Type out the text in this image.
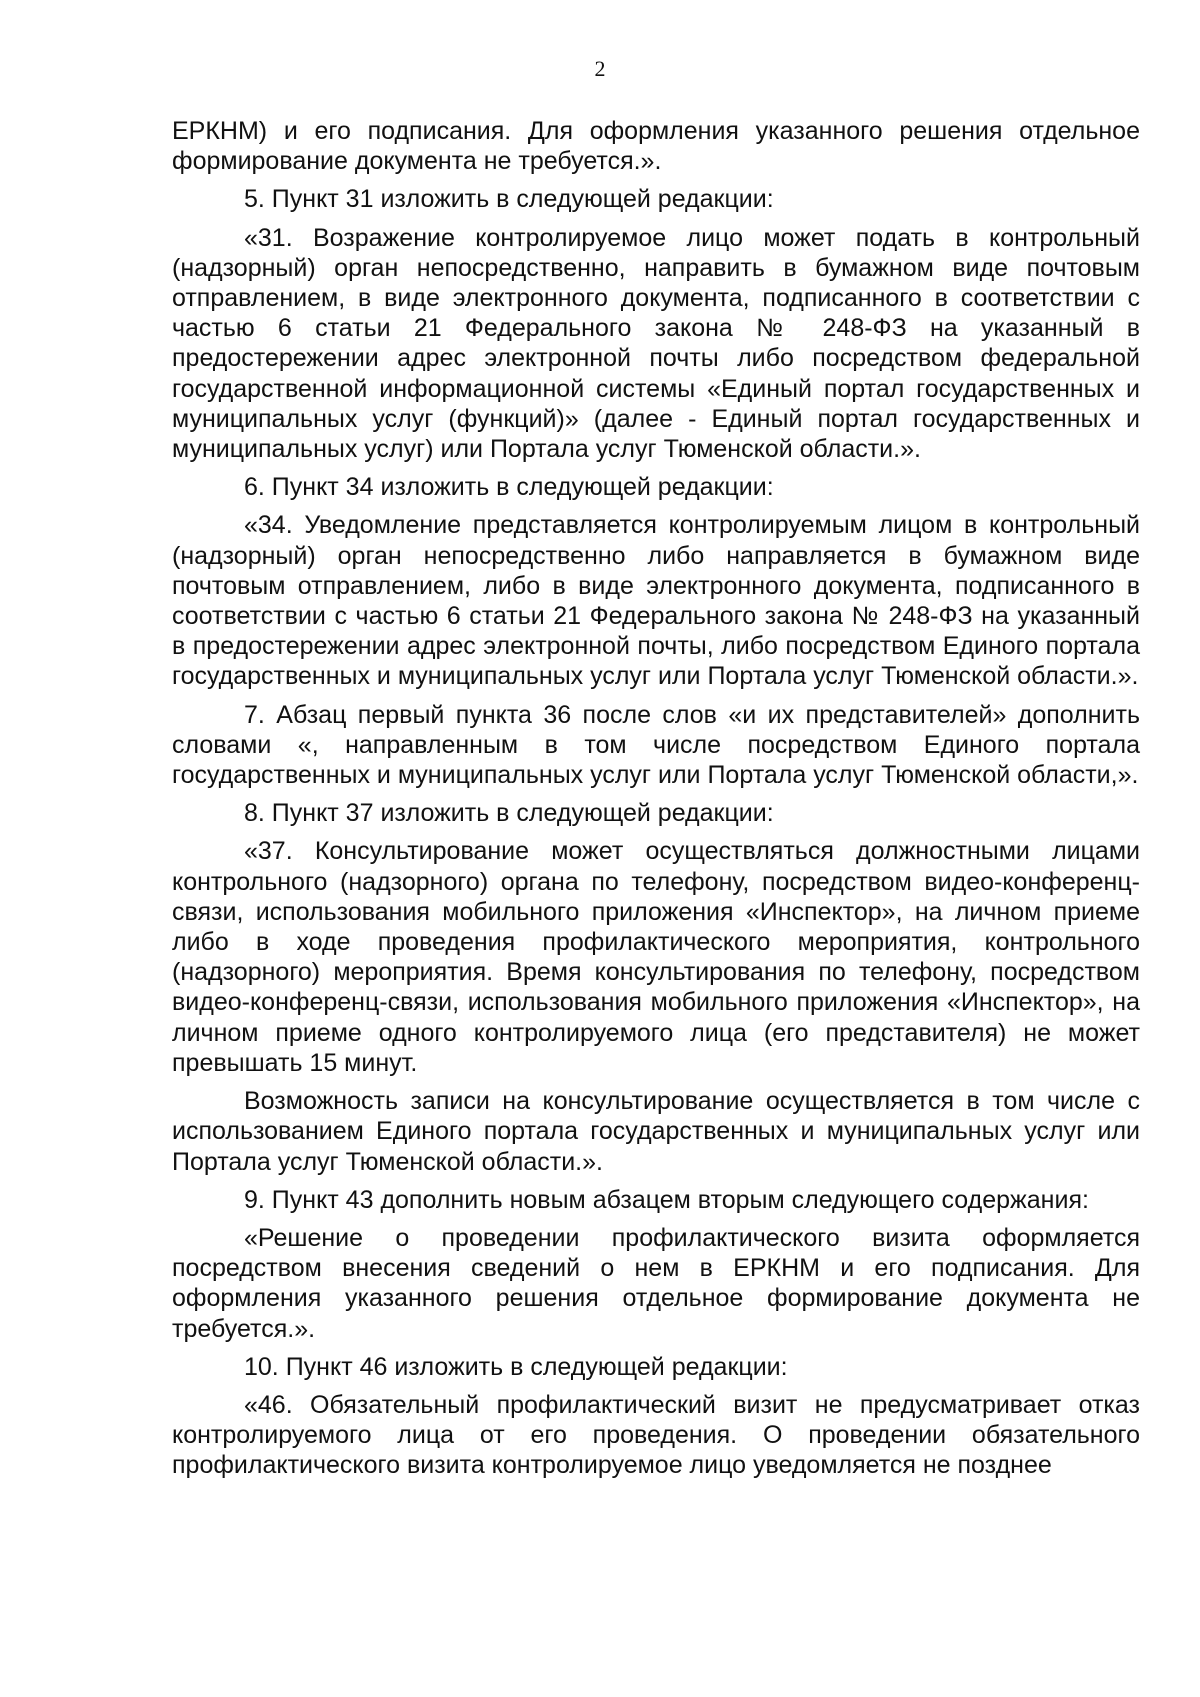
2

ЕРКНМ) и его подписания. Для оформления указанного решения отдельное формирование документа не требуется.».

5. Пункт 31 изложить в следующей редакции:

«31. Возражение контролируемое лицо может подать в контрольный (надзорный) орган непосредственно, направить в бумажном виде почтовым отправлением, в виде электронного документа, подписанного в соответствии с частью 6 статьи 21 Федерального закона № 248-ФЗ на указанный в предостережении адрес электронной почты либо посредством федеральной государственной информационной системы «Единый портал государственных и муниципальных услуг (функций)» (далее - Единый портал государственных и муниципальных услуг) или Портала услуг Тюменской области.».

6. Пункт 34 изложить в следующей редакции:

«34. Уведомление представляется контролируемым лицом в контрольный (надзорный) орган непосредственно либо направляется в бумажном виде почтовым отправлением, либо в виде электронного документа, подписанного в соответствии с частью 6 статьи 21 Федерального закона № 248-ФЗ на указанный в предостережении адрес электронной почты, либо посредством Единого портала государственных и муниципальных услуг или Портала услуг Тюменской области.».

7. Абзац первый пункта 36 после слов «и их представителей» дополнить словами «, направленным в том числе посредством Единого портала государственных и муниципальных услуг или Портала услуг Тюменской области,».

8. Пункт 37 изложить в следующей редакции:

«37. Консультирование может осуществляться должностными лицами контрольного (надзорного) органа по телефону, посредством видео-конференц-связи, использования мобильного приложения «Инспектор», на личном приеме либо в ходе проведения профилактического мероприятия, контрольного (надзорного) мероприятия. Время консультирования по телефону, посредством видео-конференц-связи, использования мобильного приложения «Инспектор», на личном приеме одного контролируемого лица (его представителя) не может превышать 15 минут.

Возможность записи на консультирование осуществляется в том числе с использованием Единого портала государственных и муниципальных услуг или Портала услуг Тюменской области.».

9. Пункт 43 дополнить новым абзацем вторым следующего содержания:

«Решение о проведении профилактического визита оформляется посредством внесения сведений о нем в ЕРКНМ и его подписания. Для оформления указанного решения отдельное формирование документа не требуется.».

10. Пункт 46 изложить в следующей редакции:

«46. Обязательный профилактический визит не предусматривает отказ контролируемого лица от его проведения. О проведении обязательного профилактического визита контролируемое лицо уведомляется не позднее
